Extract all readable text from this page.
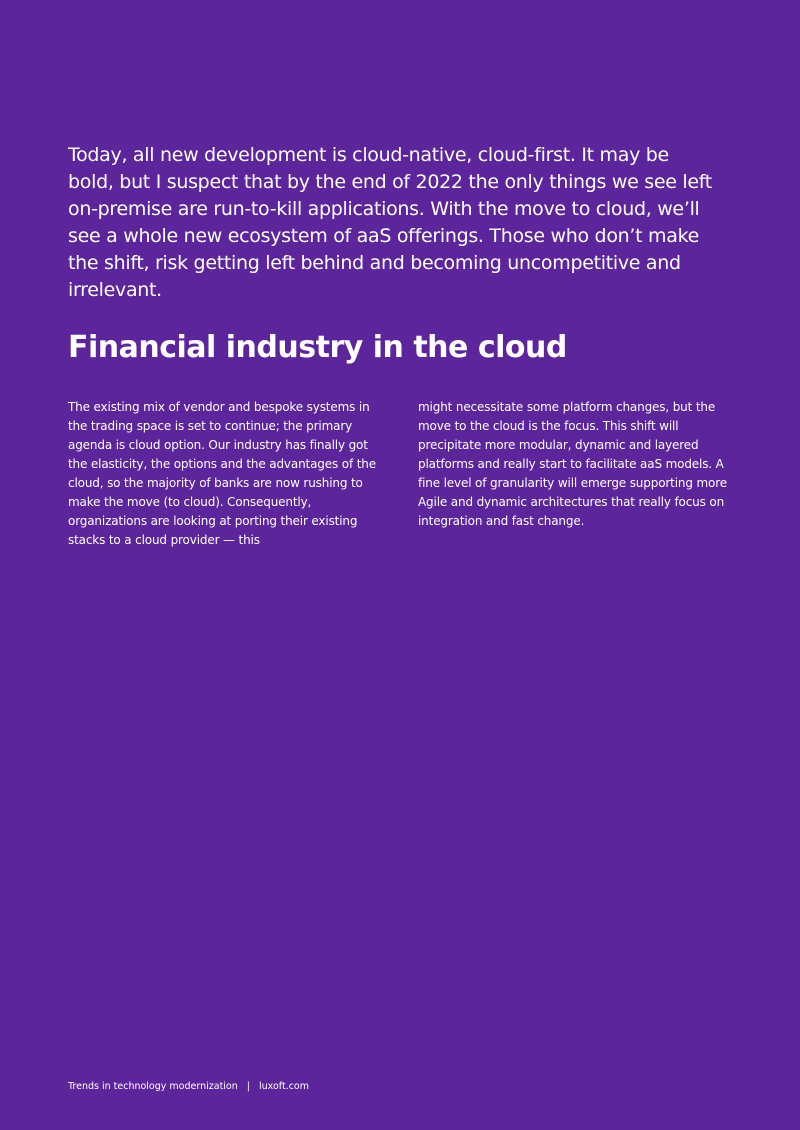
Today, all new development is cloud-native, cloud-first. It may be bold, but I suspect that by the end of 2022 the only things we see left on-premise are run-to-kill applications. With the move to cloud, we’ll see a whole new ecosystem of aaS offerings. Those who don’t make the shift, risk getting left behind and becoming uncompetitive and irrelevant.

Financial industry in the cloud

The existing mix of vendor and bespoke systems in the trading space is set to continue; the primary agenda is cloud option. Our industry has finally got the elasticity, the options and the advantages of the cloud, so the majority of banks are now rushing to make the move (to cloud). Consequently, organizations are looking at porting their existing stacks to a cloud provider — this

might necessitate some platform changes, but the move to the cloud is the focus. This shift will precipitate more modular, dynamic and layered platforms and really start to facilitate aaS models. A fine level of granularity will emerge supporting more Agile and dynamic architectures that really focus on integration and fast change.

Trends in technology modernization | luxoft.com
